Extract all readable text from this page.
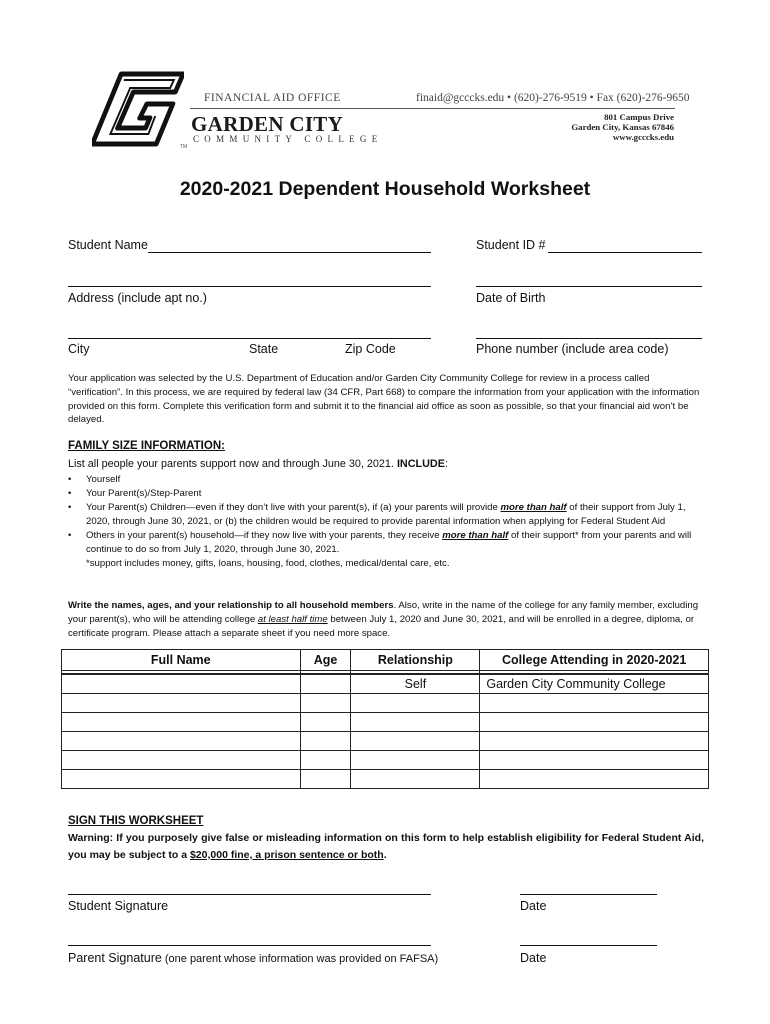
FINANCIAL AID OFFICE	finaid@gcccks.edu • (620)-276-9519 • Fax (620)-276-9650
GARDEN CITY
COMMUNITY COLLEGE
TM
801 Campus Drive
Garden City, Kansas 67846
www.gcccks.edu
2020-2021 Dependent Household Worksheet
Student Name	Student ID #
Address (include apt no.)	Date of Birth
City	State	Zip Code	Phone number (include area code)
Your application was selected by the U.S. Department of Education and/or Garden City Community College for review in a process called “verification”. In this process, we are required by federal law (34 CFR, Part 668) to compare the information from your application with the information provided on this form. Complete this verification form and submit it to the financial aid office as soon as possible, so that your financial aid won’t be delayed.
FAMILY SIZE INFORMATION:
List all people your parents support now and through June 30, 2021. INCLUDE:
• Yourself
• Your Parent(s)/Step-Parent
• Your Parent(s) Children—even if they don’t live with your parent(s), if (a) your parents will provide more than half of their support from July 1, 2020, through June 30, 2021, or (b) the children would be required to provide parental information when applying for Federal Student Aid
• Others in your parent(s) household—if they now live with your parents, they receive more than half of their support* from your parents and will continue to do so from July 1, 2020, through June 30, 2021.
*support includes money, gifts, loans, housing, food, clothes, medical/dental care, etc.
Write the names, ages, and your relationship to all household members. Also, write in the name of the college for any family member, excluding your parent(s), who will be attending college at least half time between July 1, 2020 and June 30, 2021, and will be enrolled in a degree, diploma, or certificate program. Please attach a separate sheet if you need more space.
Full Name	Age	Relationship	College Attending in 2020-2021

		Self	Garden City Community College

SIGN THIS WORKSHEET
Warning: If you purposely give false or misleading information on this form to help establish eligibility for Federal Student Aid, you may be subject to a $20,000 fine, a prison sentence or both.
Student Signature	Date
Parent Signature (one parent whose information was provided on FAFSA)	Date
